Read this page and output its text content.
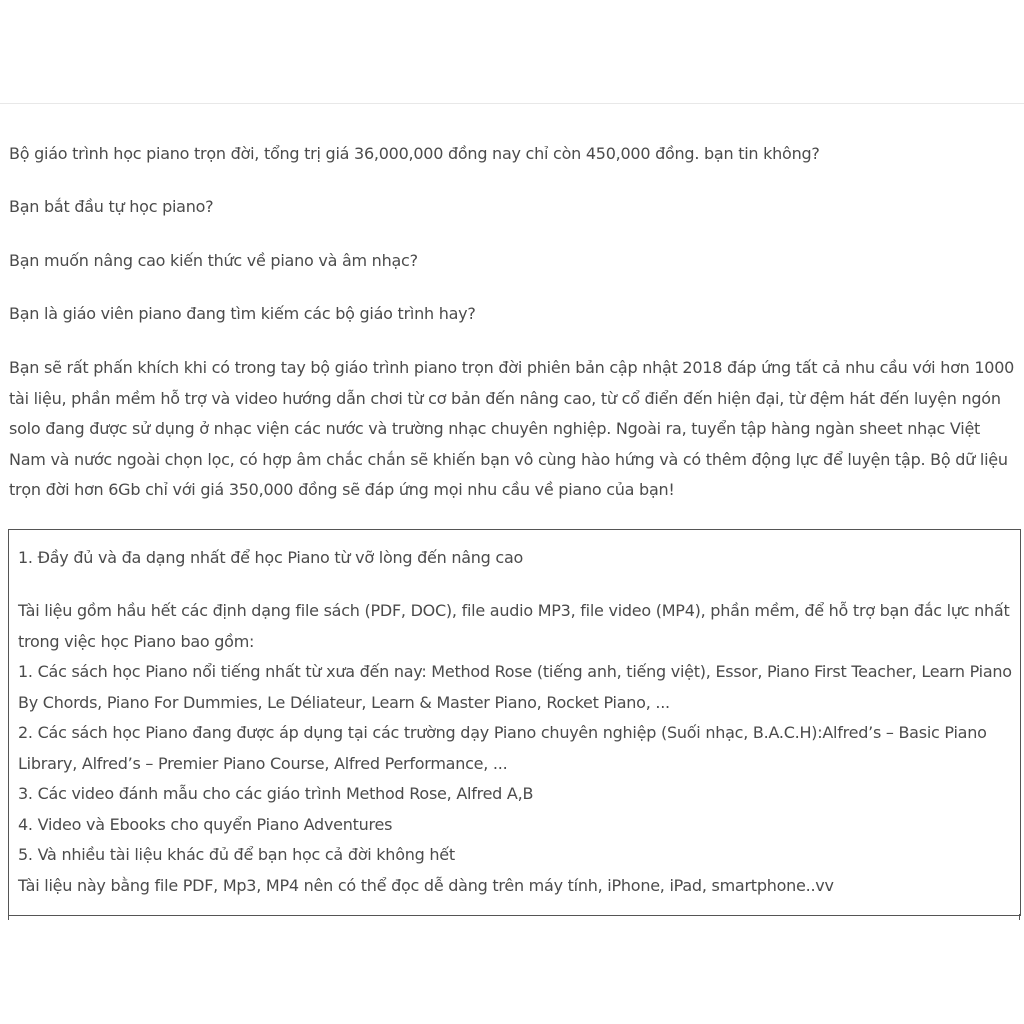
Bộ giáo trình học piano trọn đời, tổng trị giá 36,000,000 đồng nay chỉ còn 450,000 đồng. bạn tin không?

Bạn bắt đầu tự học piano?

Bạn muốn nâng cao kiến thức về piano và âm nhạc?

Bạn là giáo viên piano đang tìm kiếm các bộ giáo trình hay?

Bạn sẽ rất phấn khích khi có trong tay bộ giáo trình piano trọn đời phiên bản cập nhật 2018 đáp ứng tất cả nhu cầu với hơn 1000 tài liệu, phần mềm hỗ trợ và video hướng dẫn chơi từ cơ bản đến nâng cao, từ cổ điển đến hiện đại, từ đệm hát đến luyện ngón solo đang được sử dụng ở nhạc viện các nước và trường nhạc chuyên nghiệp. Ngoài ra, tuyển tập hàng ngàn sheet nhạc Việt Nam và nước ngoài chọn lọc, có hợp âm chắc chắn sẽ khiến bạn vô cùng hào hứng và có thêm động lực để luyện tập. Bộ dữ liệu trọn đời hơn 6Gb chỉ với giá 350,000 đồng sẽ đáp ứng mọi nhu cầu về piano của bạn!

1. Đầy đủ và đa dạng nhất để học Piano từ vỡ lòng đến nâng cao

Tài liệu gồm hầu hết các định dạng file sách (PDF, DOC), file audio MP3, file video (MP4), phần mềm, để hỗ trợ bạn đắc lực nhất trong việc học Piano bao gồm:

1. Các sách học Piano nổi tiếng nhất từ xưa đến nay: Method Rose (tiếng anh, tiếng việt), Essor, Piano First Teacher, Learn Piano By Chords, Piano For Dummies, Le Déliateur, Learn & Master Piano, Rocket Piano, ...

2. Các sách học Piano đang được áp dụng tại các trường dạy Piano chuyên nghiệp (Suối nhạc, B.A.C.H):Alfred’s – Basic Piano Library, Alfred’s – Premier Piano Course, Alfred Performance, ...

3. Các video đánh mẫu cho các giáo trình Method Rose, Alfred A,B

4. Video và Ebooks cho quyển Piano Adventures

5. Và nhiều tài liệu khác đủ để bạn học cả đời không hết

Tài liệu này bằng file PDF, Mp3, MP4 nên có thể đọc dễ dàng trên máy tính, iPhone, iPad, smartphone..vv
